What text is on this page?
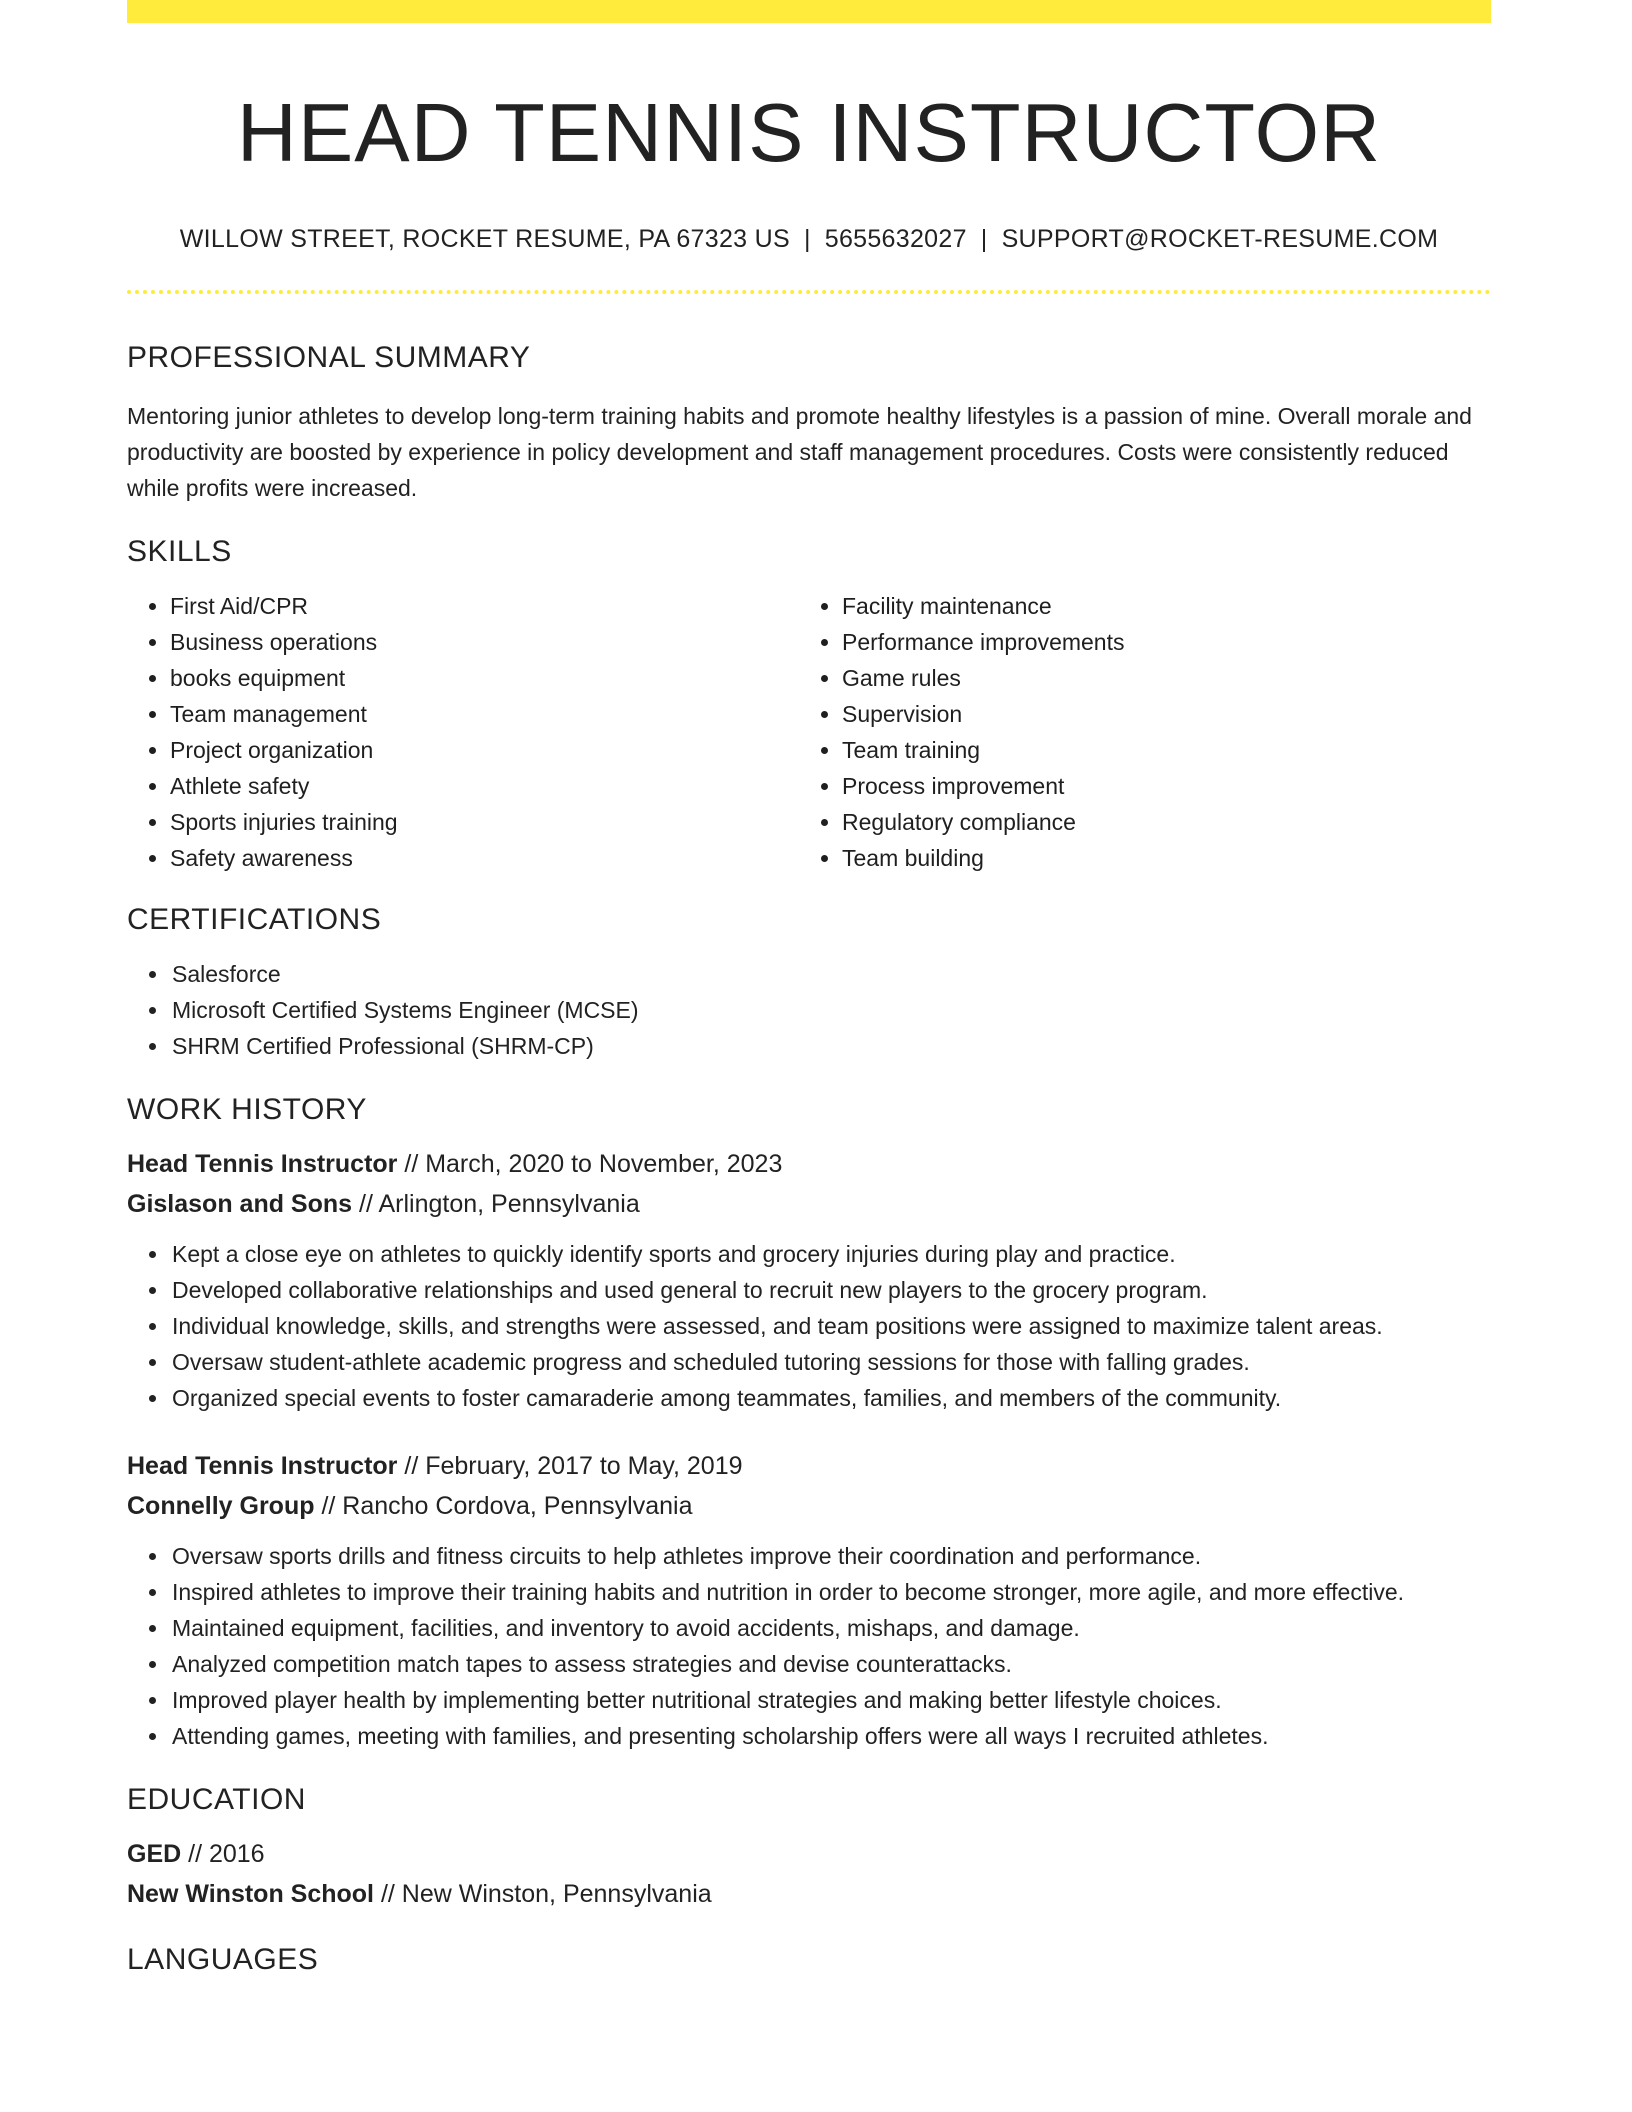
HEAD TENNIS INSTRUCTOR
WILLOW STREET, ROCKET RESUME, PA 67323 US | 5655632027 | SUPPORT@ROCKET-RESUME.COM
PROFESSIONAL SUMMARY

Mentoring junior athletes to develop long-term training habits and promote healthy lifestyles is a passion of mine. Overall morale and productivity are boosted by experience in policy development and staff management procedures. Costs were consistently reduced while profits were increased.

SKILLS
• First Aid/CPR
• Business operations
• books equipment
• Team management
• Project organization
• Athlete safety
• Sports injuries training
• Safety awareness
• Facility maintenance
• Performance improvements
• Game rules
• Supervision
• Team training
• Process improvement
• Regulatory compliance
• Team building
CERTIFICATIONS
• Salesforce
• Microsoft Certified Systems Engineer (MCSE)
• SHRM Certified Professional (SHRM-CP)
WORK HISTORY
Head Tennis Instructor // March, 2020 to November, 2023
Gislason and Sons // Arlington, Pennsylvania
• Kept a close eye on athletes to quickly identify sports and grocery injuries during play and practice.
• Developed collaborative relationships and used general to recruit new players to the grocery program.
• Individual knowledge, skills, and strengths were assessed, and team positions were assigned to maximize talent areas.
• Oversaw student-athlete academic progress and scheduled tutoring sessions for those with falling grades.
• Organized special events to foster camaraderie among teammates, families, and members of the community.
Head Tennis Instructor // February, 2017 to May, 2019
Connelly Group // Rancho Cordova, Pennsylvania
• Oversaw sports drills and fitness circuits to help athletes improve their coordination and performance.
• Inspired athletes to improve their training habits and nutrition in order to become stronger, more agile, and more effective.
• Maintained equipment, facilities, and inventory to avoid accidents, mishaps, and damage.
• Analyzed competition match tapes to assess strategies and devise counterattacks.
• Improved player health by implementing better nutritional strategies and making better lifestyle choices.
• Attending games, meeting with families, and presenting scholarship offers were all ways I recruited athletes.
EDUCATION
GED // 2016
New Winston School // New Winston, Pennsylvania
LANGUAGES
